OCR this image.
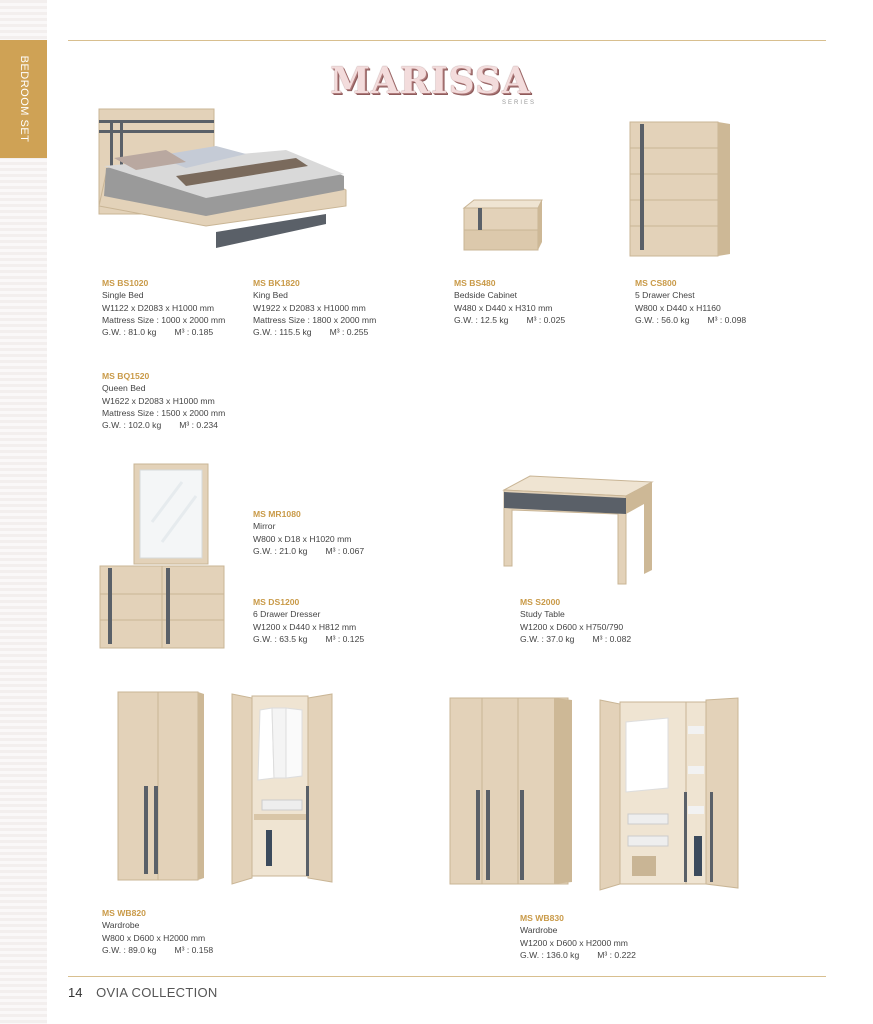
BEDROOM SET	MARISSA
SERIES
MS BS1020
Single Bed
W1122 x D2083 x H1000 mm
Mattress Size : 1000 x 2000 mm
G.W. : 81.0 kg M³ : 0.185
MS BK1820
King Bed
W1922 x D2083 x H1000 mm
Mattress Size : 1800 x 2000 mm
G.W. : 115.5 kg M³ : 0.255
MS BS480
Bedside Cabinet
W480 x D440 x H310 mm
G.W. : 12.5 kg M³ : 0.025
MS CS800
5 Drawer Chest
W800 x D440 x H1160
G.W. : 56.0 kg M³ : 0.098
MS BQ1520
Queen Bed
W1622 x D2083 x H1000 mm
Mattress Size : 1500 x 2000 mm
G.W. : 102.0 kg M³ : 0.234
MS MR1080
Mirror
W800 x D18 x H1020 mm
G.W. : 21.0 kg M³ : 0.067
MS DS1200
6 Drawer Dresser
W1200 x D440 x H812 mm
G.W. : 63.5 kg M³ : 0.125
MS S2000
Study Table
W1200 x D600 x H750/790
G.W. : 37.0 kg M³ : 0.082
MS WB820
Wardrobe
W800 x D600 x H2000 mm
G.W. : 89.0 kg M³ : 0.158
MS WB830
Wardrobe
W1200 x D600 x H2000 mm
G.W. : 136.0 kg M³ : 0.222
14 OVIA COLLECTION
